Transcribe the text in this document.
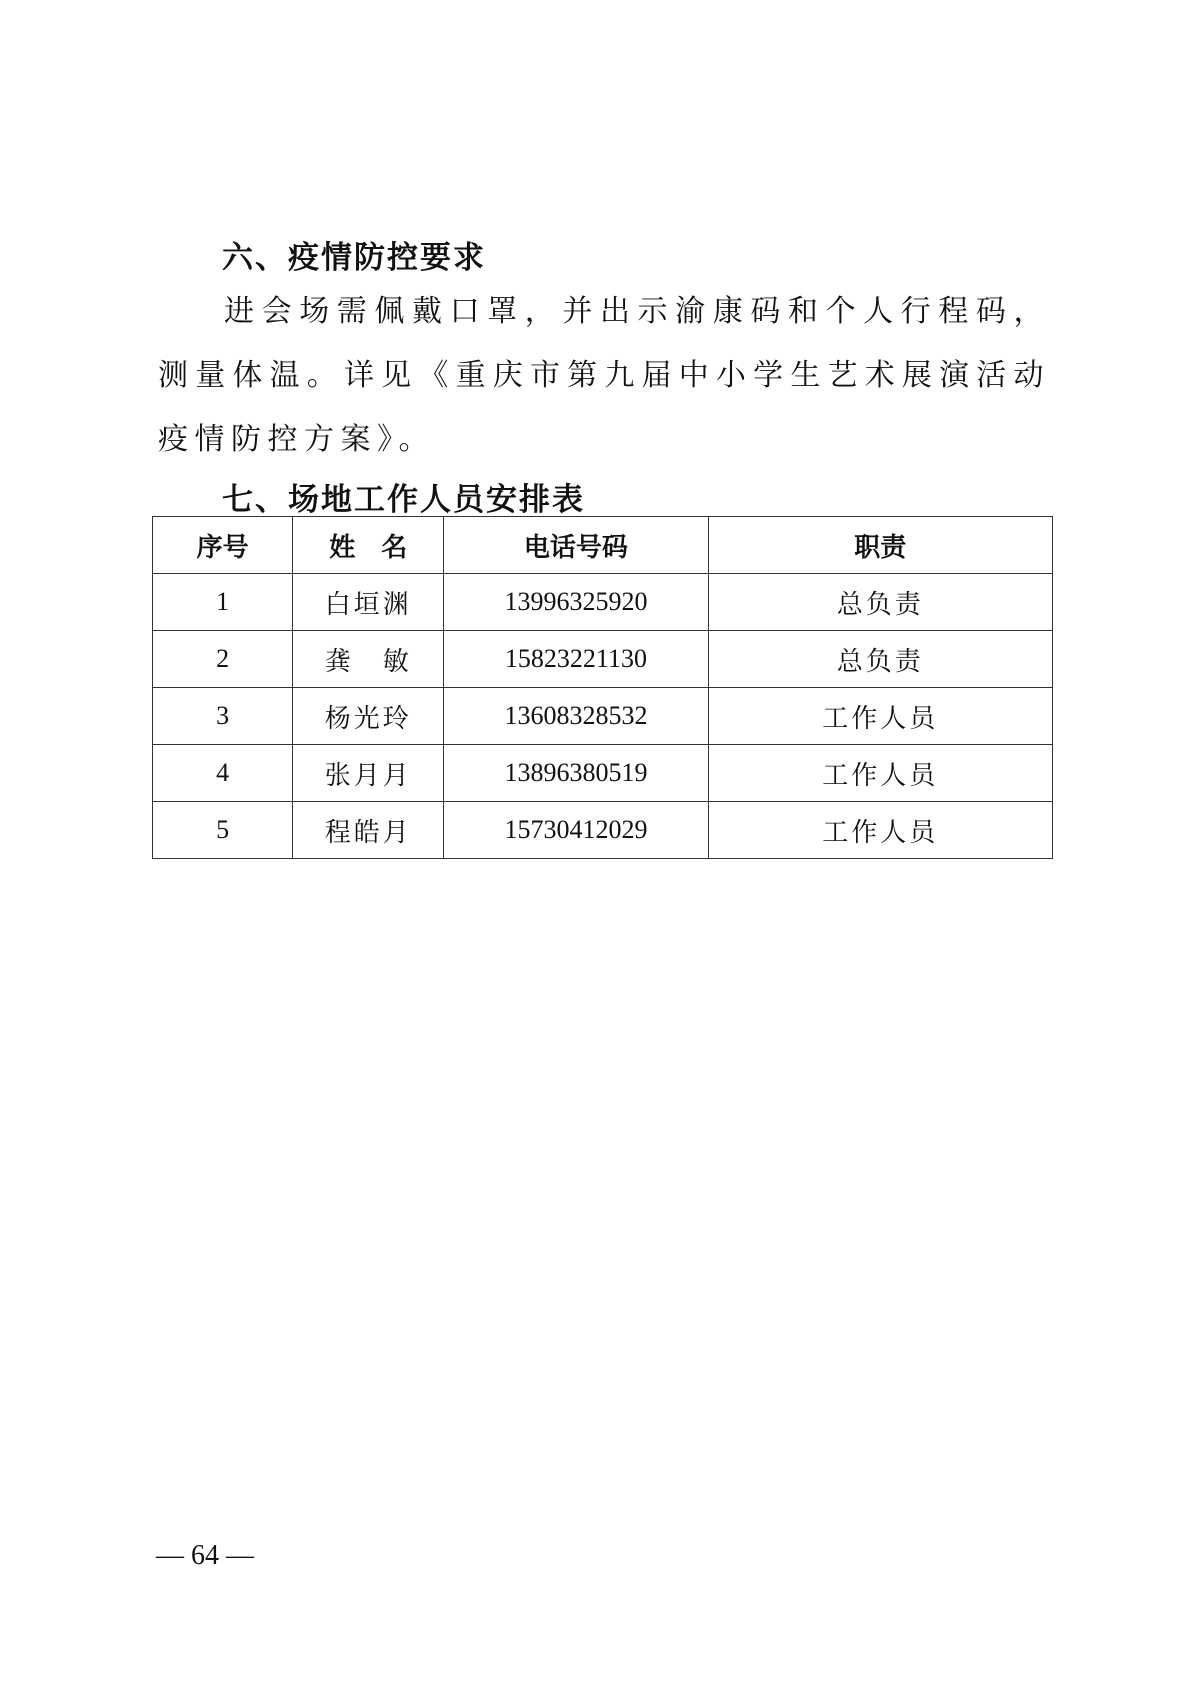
六、疫情防控要求

进会场需佩戴口罩，并出示渝康码和个人行程码，测量体温。详见《重庆市第九届中小学生艺术展演活动疫情防控方案》。

七、场地工作人员安排表
序号	姓　名	电话号码	职责
1	白垣渊	13996325920	总负责
2	龚　敏	15823221130	总负责
3	杨光玲	13608328532	工作人员
4	张月月	13896380519	工作人员
5	程皓月	15730412029	工作人员
— 64 —
